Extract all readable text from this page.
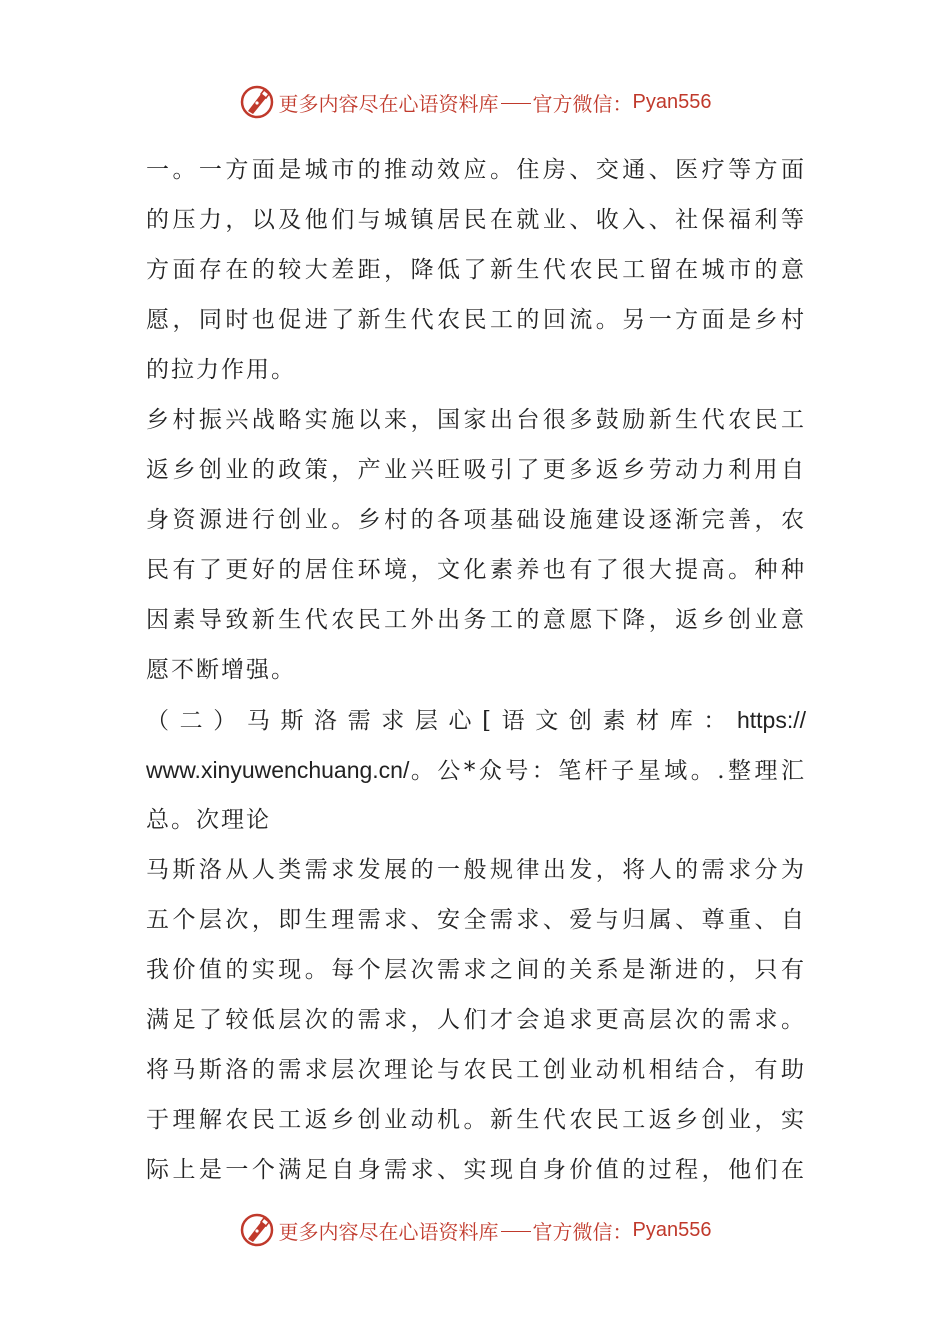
更多内容尽在心语资料库 官方微信： Pyan556
一。一方面是城市的推动效应。住房、交通、医疗等方面
的压力，以及他们与城镇居民在就业、收入、社保福利等
方面存在的较大差距，降低了新生代农民工留在城市的意
愿，同时也促进了新生代农民工的回流。另一方面是乡村
的拉力作用。
乡村振兴战略实施以来，国家出台很多鼓励新生代农民工
返乡创业的政策，产业兴旺吸引了更多返乡劳动力利用自
身资源进行创业。乡村的各项基础设施建设逐渐完善，农
民有了更好的居住环境，文化素养也有了很大提高。种种
因素导致新生代农民工外出务工的意愿下降，返乡创业意
愿不断增强。
（二）马斯洛需求层心[语文创素材库：https://
www.xinyuwenchuang.cn/。公*众号：笔杆子星域。.整理汇
总。次理论
马斯洛从人类需求发展的一般规律出发，将人的需求分为
五个层次，即生理需求、安全需求、爱与归属、尊重、自
我价值的实现。每个层次需求之间的关系是渐进的，只有
满足了较低层次的需求，人们才会追求更高层次的需求。
将马斯洛的需求层次理论与农民工创业动机相结合，有助
于理解农民工返乡创业动机。新生代农民工返乡创业，实
际上是一个满足自身需求、实现自身价值的过程，他们在
更多内容尽在心语资料库 官方微信： Pyan556
